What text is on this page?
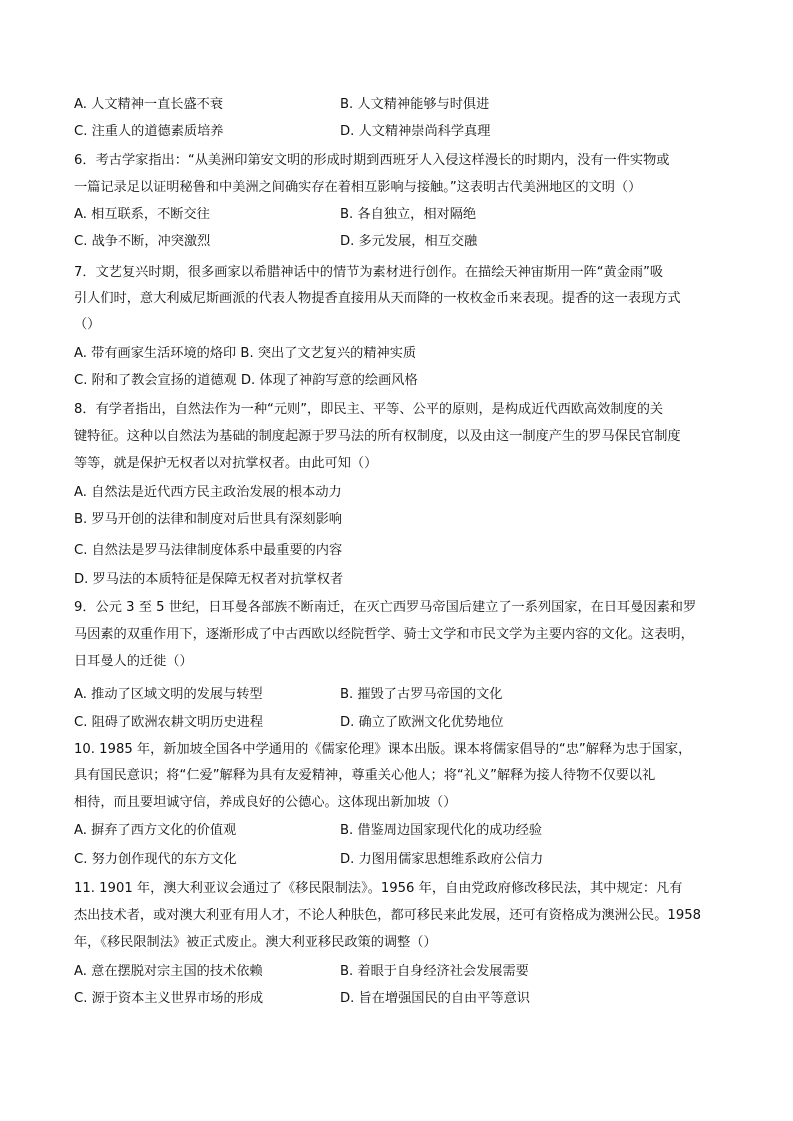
A. 人文精神一直长盛不衰	B. 人文精神能够与时俱进
C. 注重人的道德素质培养	D. 人文精神崇尚科学真理
6．考古学家指出：“从美洲印第安文明的形成时期到西班牙人入侵这样漫长的时期内，没有一件实物或
一篇记录足以证明秘鲁和中美洲之间确实存在着相互影响与接触。”这表明古代美洲地区的文明（）
A. 相互联系，不断交往	B. 各自独立，相对隔绝
C. 战争不断，冲突激烈	D. 多元发展，相互交融
7．文艺复兴时期，很多画家以希腊神话中的情节为素材进行创作。在描绘天神宙斯用一阵“黄金雨”吸
引人们时，意大利威尼斯画派的代表人物提香直接用从天而降的一枚枚金币来表现。提香的这一表现方式
（）
A. 带有画家生活环境的烙印 B. 突出了文艺复兴的精神实质
C. 附和了教会宣扬的道德观 D. 体现了神韵写意的绘画风格
8．有学者指出，自然法作为一种“元则”，即民主、平等、公平的原则，是构成近代西欧高效制度的关
键特征。这种以自然法为基础的制度起源于罗马法的所有权制度，以及由这一制度产生的罗马保民官制度
等等，就是保护无权者以对抗掌权者。由此可知（）
A. 自然法是近代西方民主政治发展的根本动力
B. 罗马开创的法律和制度对后世具有深刻影响
C. 自然法是罗马法律制度体系中最重要的内容
D. 罗马法的本质特征是保障无权者对抗掌权者
9．公元 3 至 5 世纪，日耳曼各部族不断南迁，在灭亡西罗马帝国后建立了一系列国家，在日耳曼因素和罗
马因素的双重作用下，逐渐形成了中古西欧以经院哲学、骑士文学和市民文学为主要内容的文化。这表明，
日耳曼人的迁徙（）
A. 推动了区域文明的发展与转型	B. 摧毁了古罗马帝国的文化
C. 阻碍了欧洲农耕文明历史进程	D. 确立了欧洲文化优势地位
10. 1985 年，新加坡全国各中学通用的《儒家伦理》课本出版。课本将儒家倡导的“忠”解释为忠于国家，
具有国民意识；将“仁爱”解释为具有友爱精神，尊重关心他人；将“礼义”解释为接人待物不仅要以礼
相待，而且要坦诚守信，养成良好的公德心。这体现出新加坡（）
A. 摒弃了西方文化的价值观	B. 借鉴周边国家现代化的成功经验
C. 努力创作现代的东方文化	D. 力图用儒家思想维系政府公信力
11. 1901 年，澳大利亚议会通过了《移民限制法》。1956 年，自由党政府修改移民法，其中规定：凡有
杰出技术者，或对澳大利亚有用人才，不论人种肤色，都可移民来此发展，还可有资格成为澳洲公民。1958
年，《移民限制法》被正式废止。澳大利亚移民政策的调整（）
A. 意在摆脱对宗主国的技术依赖	B. 着眼于自身经济社会发展需要
C. 源于资本主义世界市场的形成	D. 旨在增强国民的自由平等意识
